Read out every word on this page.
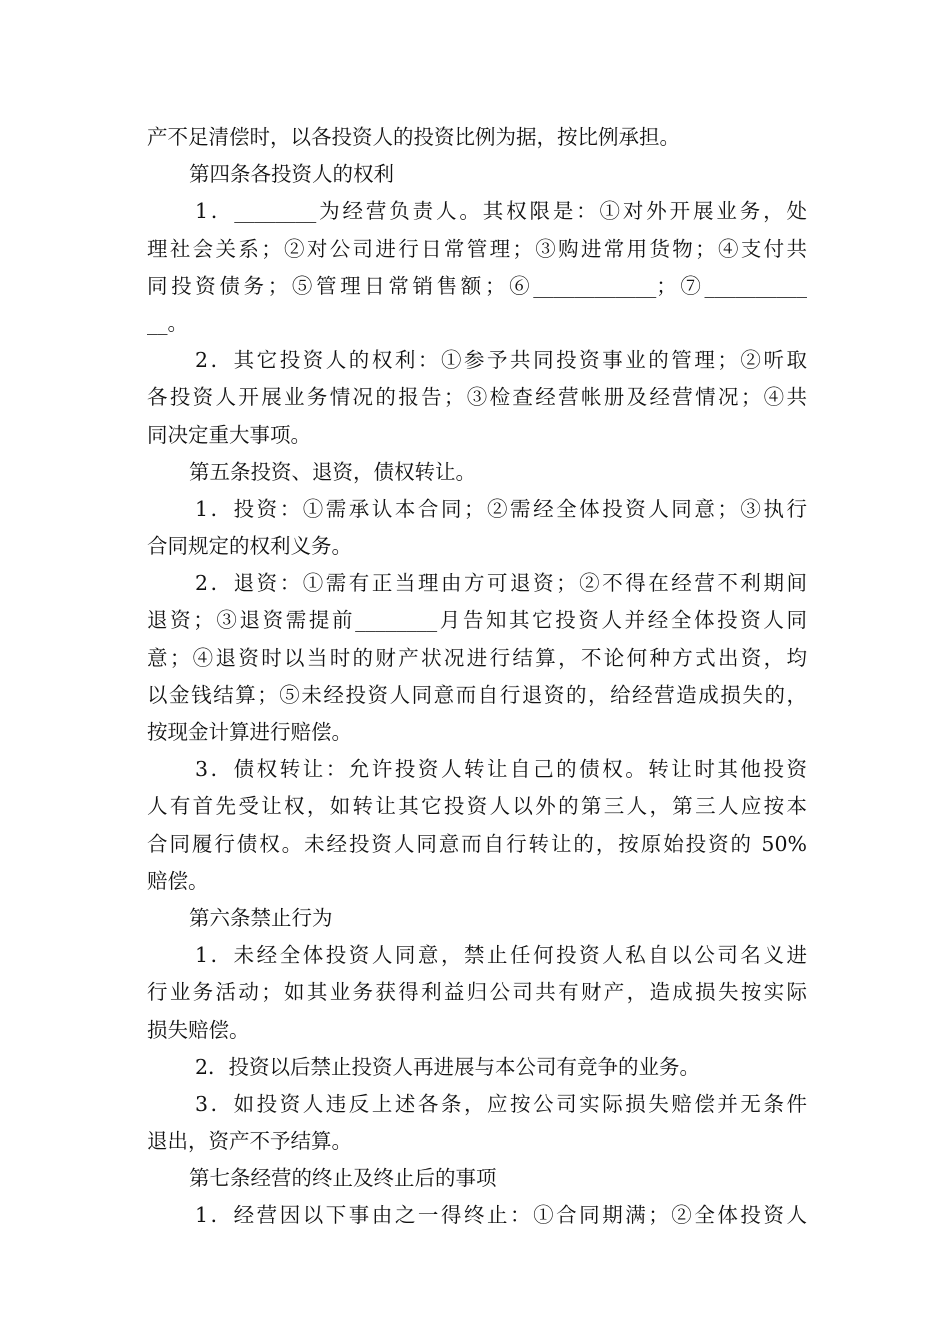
产不足清偿时，以各投资人的投资比例为据，按比例承担。
第四条各投资人的权利
1．________为经营负责人。其权限是：①对外开展业务，处
理社会关系；②对公司进行日常管理；③购进常用货物；④支付共
同投资债务；⑤管理日常销售额；⑥____________；⑦__________
__。
2．其它投资人的权利：①参予共同投资事业的管理；②听取
各投资人开展业务情况的报告；③检查经营帐册及经营情况；④共
同决定重大事项。
第五条投资、退资，债权转让。
1．投资：①需承认本合同；②需经全体投资人同意；③执行
合同规定的权利义务。
2．退资：①需有正当理由方可退资；②不得在经营不利期间
退资；③退资需提前________月告知其它投资人并经全体投资人同
意；④退资时以当时的财产状况进行结算，不论何种方式出资，均
以金钱结算；⑤未经投资人同意而自行退资的，给经营造成损失的，
按现金计算进行赔偿。
3．债权转让：允许投资人转让自己的债权。转让时其他投资
人有首先受让权，如转让其它投资人以外的第三人，第三人应按本
合同履行债权。未经投资人同意而自行转让的，按原始投资的 50%
赔偿。
第六条禁止行为
1．未经全体投资人同意，禁止任何投资人私自以公司名义进
行业务活动；如其业务获得利益归公司共有财产，造成损失按实际
损失赔偿。
2．投资以后禁止投资人再进展与本公司有竞争的业务。
3．如投资人违反上述各条，应按公司实际损失赔偿并无条件
退出，资产不予结算。
第七条经营的终止及终止后的事项
1．经营因以下事由之一得终止：①合同期满；②全体投资人
